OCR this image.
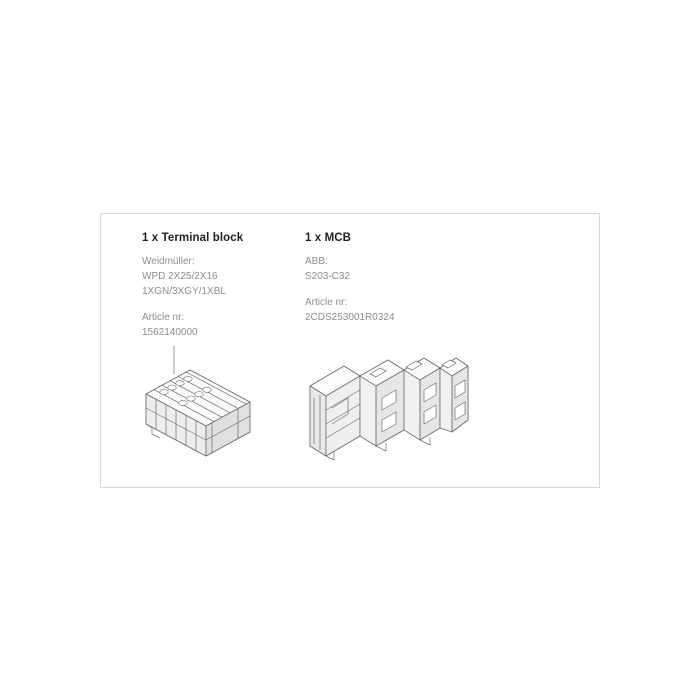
1 x Terminal block
Weidmüller:
WPD 2X25/2X16
1XGN/3XGY/1XBL
Article nr:
1562140000
1 x MCB
ABB:
S203-C32
Article nr:
2CDS253001R0324
